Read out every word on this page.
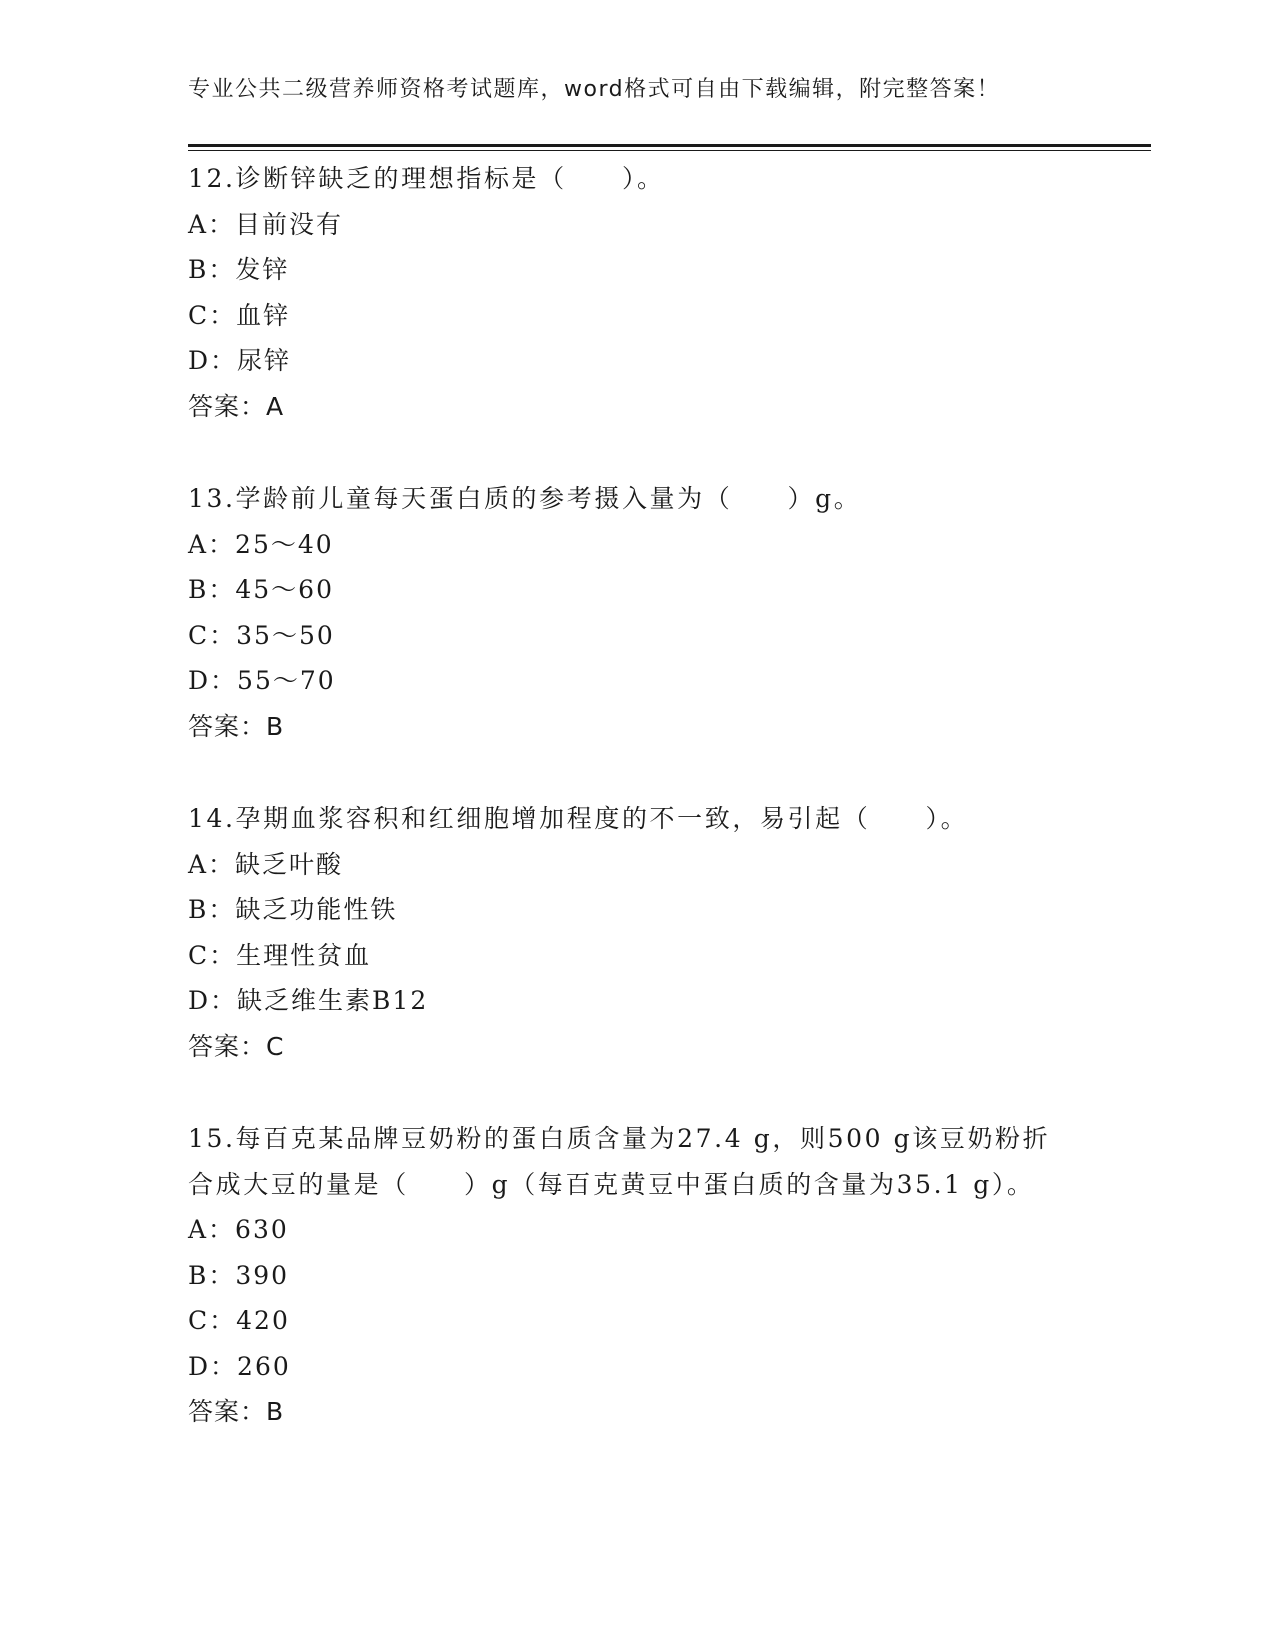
专业公共二级营养师资格考试题库，word格式可自由下载编辑，附完整答案！
12.诊断锌缺乏的理想指标是（　　）。
A：目前没有
B：发锌
C：血锌
D：尿锌
答案：A
13.学龄前儿童每天蛋白质的参考摄入量为（　　）g。
A：25～40
B：45～60
C：35～50
D：55～70
答案：B
14.孕期血浆容积和红细胞增加程度的不一致，易引起（　　）。
A：缺乏叶酸
B：缺乏功能性铁
C：生理性贫血
D：缺乏维生素B12
答案：C
15.每百克某品牌豆奶粉的蛋白质含量为27.4 g，则500 g该豆奶粉折
合成大豆的量是（　　）g（每百克黄豆中蛋白质的含量为35.1 g）。
A：630
B：390
C：420
D：260
答案：B
